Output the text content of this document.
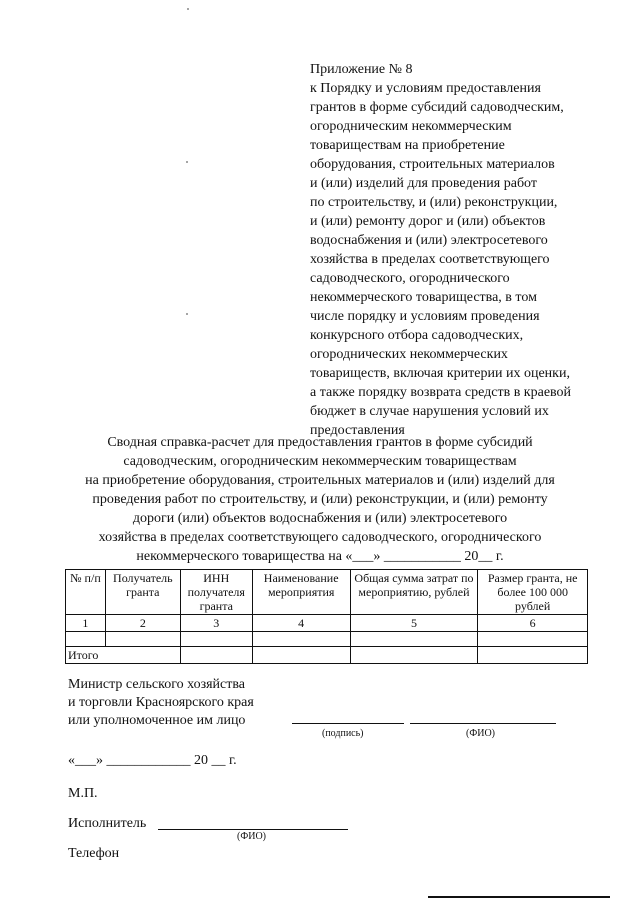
Приложение № 8
к Порядку и условиям предоставления
грантов в форме субсидий садоводческим,
огородническим некоммерческим
товариществам на приобретение
оборудования, строительных материалов
и (или) изделий для проведения работ
по строительству, и (или) реконструкции,
и (или) ремонту дорог и (или) объектов
водоснабжения и (или) электросетевого
хозяйства в пределах соответствующего
садоводческого, огороднического
некоммерческого товарищества, в том
числе порядку и условиям проведения
конкурсного отбора садоводческих,
огороднических некоммерческих
товариществ, включая критерии их оценки,
а также порядку возврата средств в краевой
бюджет в случае нарушения условий их
предоставления
Сводная справка-расчет для предоставления грантов в форме субсидий
садоводческим, огородническим некоммерческим товариществам
на приобретение оборудования, строительных материалов и (или) изделий для
проведения работ по строительству, и (или) реконструкции, и (или) ремонту
дороги (или) объектов водоснабжения и (или) электросетевого
хозяйства в пределах соответствующего садоводческого, огороднического
некоммерческого товарищества на «___» ___________ 20__ г.
№ п/п	Получатель гранта	ИНН получателя гранта	Наименование мероприятия	Общая сумма затрат по мероприятию, рублей	Размер гранта, не более 100 000 рублей
1	2	3	4	5	6

Итого					
Министр сельского хозяйства
и торговли Красноярского края
или уполномоченное им лицо
(подпись)	(ФИО)
«___» ____________ 20 __ г.
М.П.
Исполнитель
(ФИО)
Телефон
